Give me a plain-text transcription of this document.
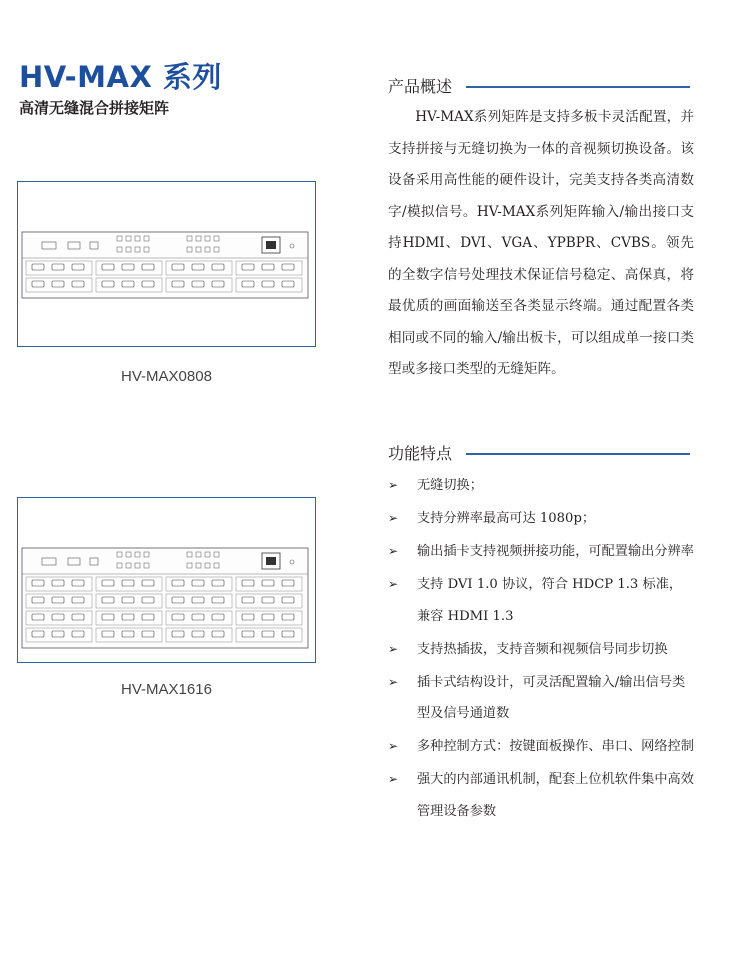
HV-MAX 系列
高清无缝混合拼接矩阵
HV-MAX0808
HV-MAX1616
产品概述

HV-MAX系列矩阵是支持多板卡灵活配置，并支持拼接与无缝切换为一体的音视频切换设备。该设备采用高性能的硬件设计，完美支持各类高清数字/模拟信号。HV-MAX系列矩阵输入/输出接口支持HDMI、DVI、VGA、YPBPR、CVBS。领先的全数字信号处理技术保证信号稳定、高保真，将最优质的画面输送至各类显示终端。通过配置各类相同或不同的输入/输出板卡，可以组成单一接口类型或多接口类型的无缝矩阵。

功能特点
➢ 无缝切换；
➢ 支持分辨率最高可达 1080p；
➢ 输出插卡支持视频拼接功能，可配置输出分辨率
➢ 支持 DVI 1.0 协议，符合 HDCP 1.3 标准，兼容 HDMI 1.3
➢ 支持热插拔，支持音频和视频信号同步切换
➢ 插卡式结构设计，可灵活配置输入/输出信号类型及信号通道数
➢ 多种控制方式：按键面板操作、串口、网络控制
➢ 强大的内部通讯机制，配套上位机软件集中高效管理设备参数
